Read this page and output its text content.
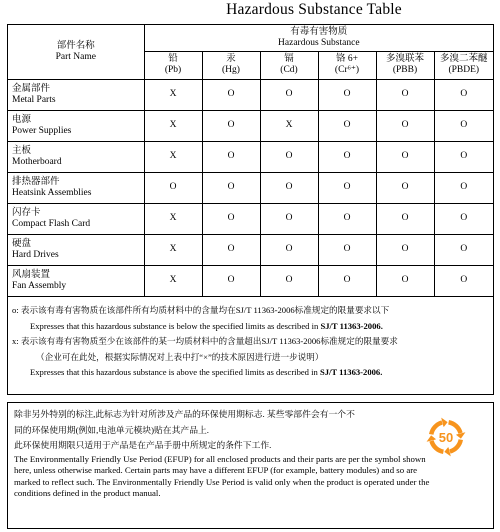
Hazardous Substance Table
部件名称
Part Name	有毒有害物质
Hazardous Substance					

	铅
(Pb)	汞
(Hg)	镉
(Cd)	铬 6+
(Cr⁶⁺)	多溴联苯
(PBB)	多溴二苯醚
(PBDE)

金属部件
Metal Parts	X	O	O	O	O	O

电源
Power Supplies	X	O	X	O	O	O

主板
Motherboard	X	O	O	O	O	O

排热器部件
Heatsink Assemblies	O	O	O	O	O	O

闪存卡
Compact Flash Card	X	O	O	O	O	O

硬盘
Hard Drives	X	O	O	O	O	O

风扇装置
Fan Assembly	X	O	O	O	O	O
o: 表示该有毒有害物质在该部件所有均质材料中的含量均在SJ/T 11363-2006标准规定的限量要求以下
Expresses that this hazardous substance is below the specified limits as described in SJ/T 11363-2006.
x: 表示该有毒有害物质至少在该部件的某一均质材料中的含量超出SJ/T 11363-2006标准规定的限量要求
（企业可在此处，根据实际情况对上表中打“×”的技术原因进行进一步说明）
Expresses that this hazardous substance is above the specified limits as described in SJ/T 11363-2006.

除非另外特别的标注,此标志为针对所涉及产品的环保使用期标志. 某些零部件会有一个不

同的环保使用期(例如,电池单元模块)贴在其产品上.

此环保使用期限只适用于产品是在产品手册中所规定的条件下工作.

The Environmentally Friendly Use Period (EFUP) for all enclosed products and their parts are per the symbol shown here, unless otherwise marked. Certain parts may have a different EFUP (for example, battery modules) and so are marked to reflect such. The Environmentally Friendly Use Period is valid only when the product is operated under the conditions defined in the product manual.

50
